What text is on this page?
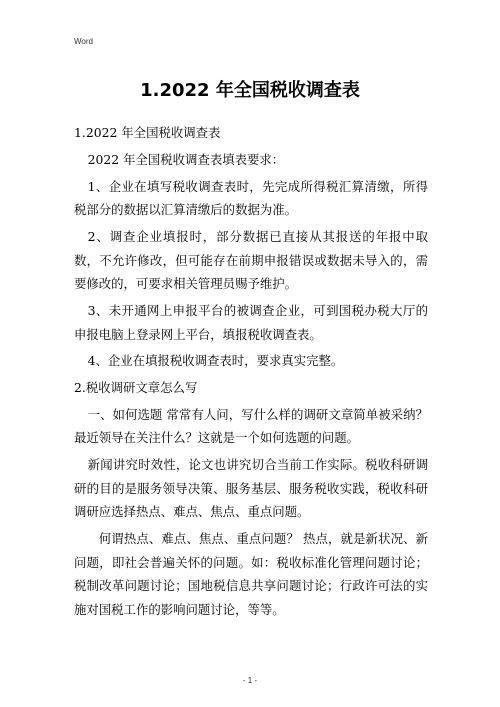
Word
1.2022 年全国税收调查表

1.2022 年全国税收调查表

2022 年全国税收调查表填表要求：

1、企业在填写税收调查表时，先完成所得税汇算清缴，所得税部分的数据以汇算清缴后的数据为准。

2、调查企业填报时，部分数据已直接从其报送的年报中取数，不允许修改，但可能存在前期申报错误或数据未导入的，需要修改的，可要求相关管理员赐予维护。

3、未开通网上申报平台的被调查企业，可到国税办税大厅的申报电脑上登录网上平台，填报税收调查表。

4、企业在填报税收调查表时，要求真实完整。

2.税收调研文章怎么写

一、如何选题 常常有人问，写什么样的调研文章简单被采纳？最近领导在关注什么？这就是一个如何选题的问题。

新闻讲究时效性，论文也讲究切合当前工作实际。税收科研调研的目的是服务领导决策、服务基层、服务税收实践，税收科研调研应选择热点、难点、焦点、重点问题。

何谓热点、难点、焦点、重点问题？ 热点，就是新状况、新问题，即社会普遍关怀的问题。如：税收标准化管理问题讨论；税制改革问题讨论；国地税信息共享问题讨论；行政许可法的实施对国税工作的影响问题讨论，等等。

- 1 -
